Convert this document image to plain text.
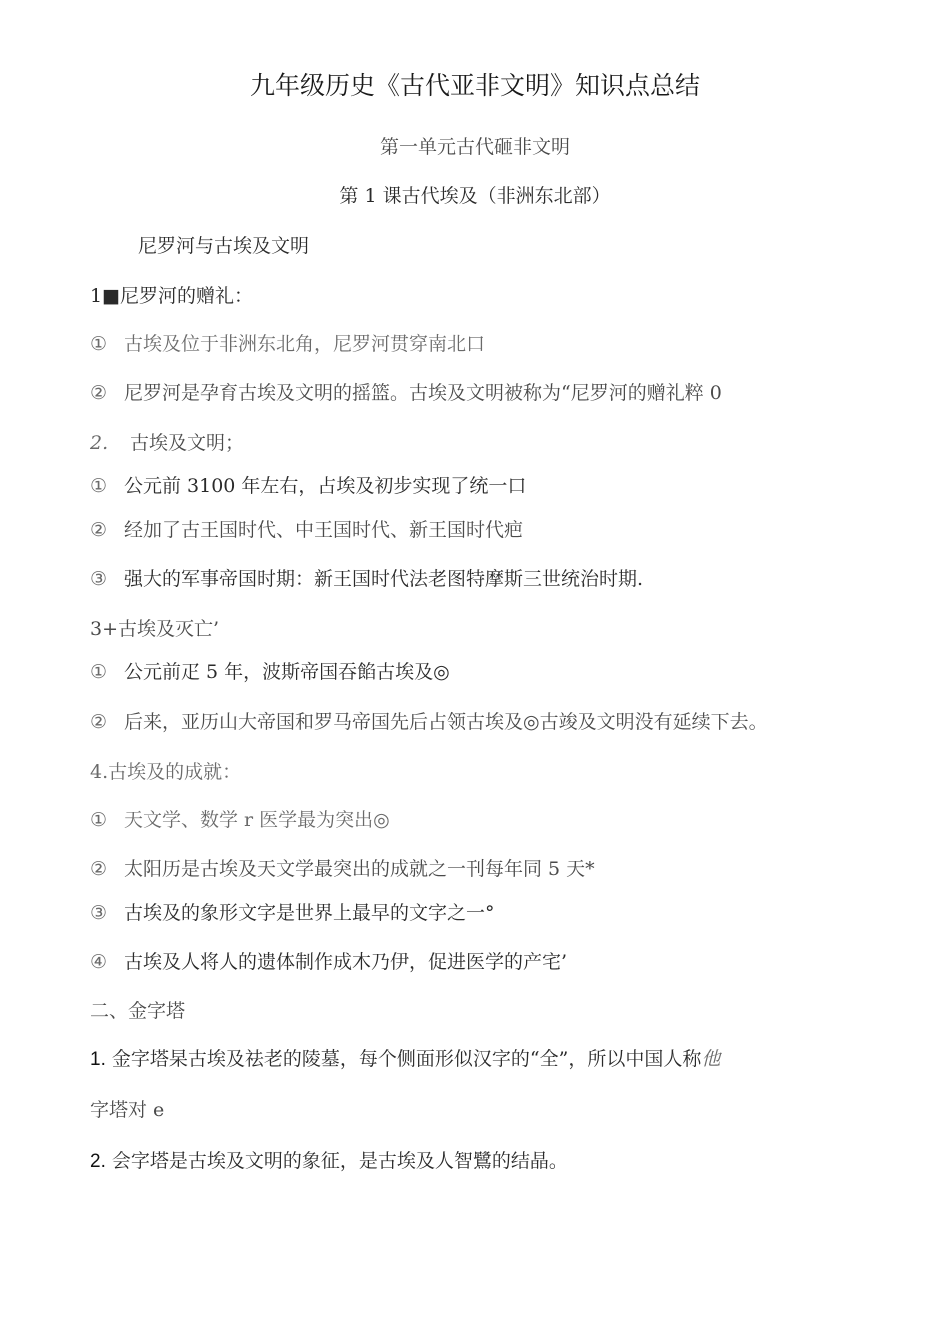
九年级历史《古代亚非文明》知识点总结
第一单元古代砸非文明
第 1 课古代埃及（非洲东北部）
尼罗河与古埃及文明
1■尼罗河的赠礼：
① 古埃及位于非洲东北角，尼罗河贯穿南北口
② 尼罗河是孕育古埃及文明的摇篮。古埃及文明被称为“尼罗河的赠礼粹 0
2. 古埃及文明；
① 公元前 3100 年左右，占埃及初步实现了统一口
② 经加了古王国时代、中王国时代、新王国时代疤
③ 强大的军事帝国时期：新王国时代法老图特摩斯三世统治时期.
3+古埃及灭亡’
① 公元前疋 5 年，波斯帝国吞餡古埃及◎
② 后来，亚历山大帝国和罗马帝国先后占领古埃及◎古竣及文明没有延续下去。
4.古埃及的成就：
① 天文学、数学 r 医学最为突出◎
② 太阳历是古埃及天文学最突出的成就之一刊每年同 5 天*
③ 古埃及的象形文字是世界上最早的文字之一°
④ 古埃及人将人的遗体制作成木乃伊，促进医学的产宅’
二、金字塔
1. 金字塔杲古埃及祛老的陵墓，每个侧面形似汉字的“全”，所以中国人称他
字塔对 e
2. 会字塔是古埃及文明的象征，是古埃及人智鷺的结晶。
